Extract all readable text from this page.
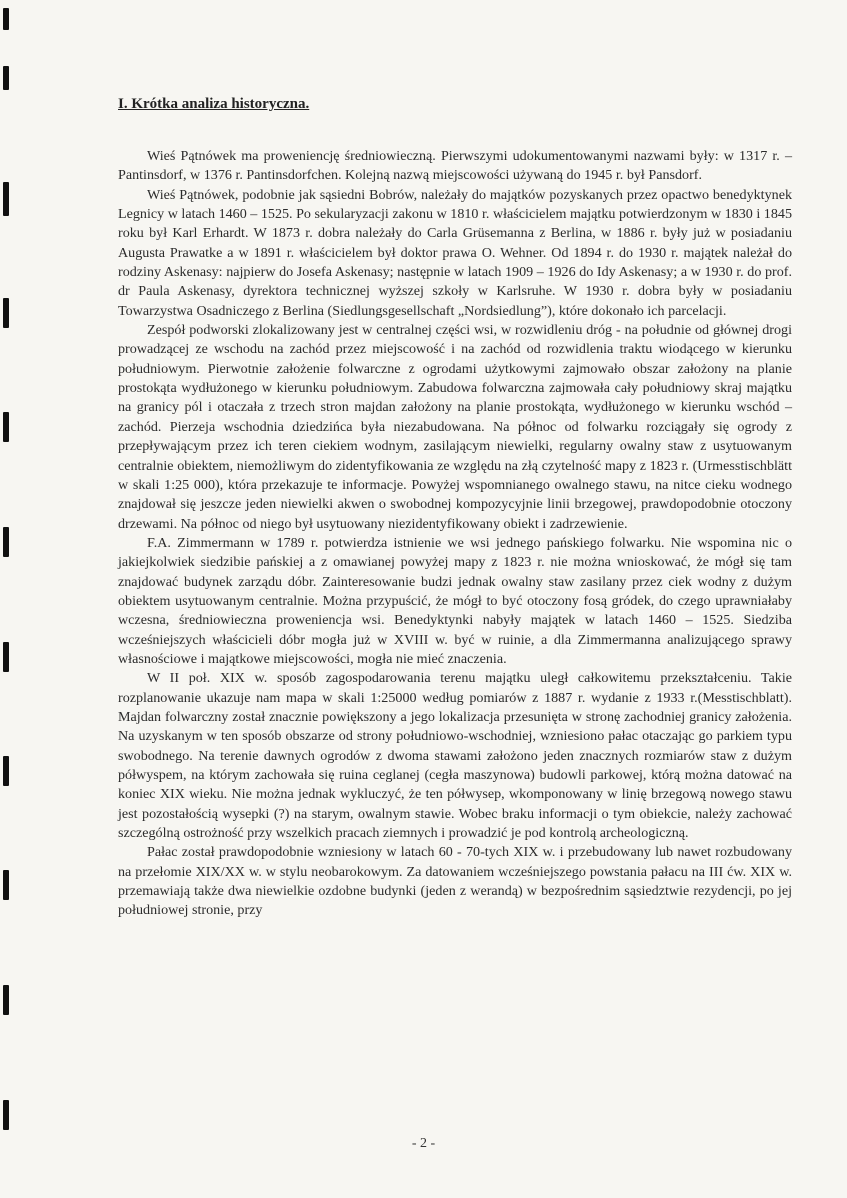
I. Krótka analiza historyczna.

Wieś Pątnówek ma proweniencję średniowieczną. Pierwszymi udokumentowanymi nazwami były: w 1317 r. – Pantinsdorf, w 1376 r. Pantinsdorfchen. Kolejną nazwą miejscowości używaną do 1945 r. był Pansdorf.

Wieś Pątnówek, podobnie jak sąsiedni Bobrów, należały do majątków pozyskanych przez opactwo benedyktynek Legnicy w latach 1460 – 1525. Po sekularyzacji zakonu w 1810 r. właścicielem majątku potwierdzonym w 1830 i 1845 roku był Karl Erhardt. W 1873 r. dobra należały do Carla Grüsemanna z Berlina, w 1886 r. były już w posiadaniu Augusta Prawatke a w 1891 r. właścicielem był doktor prawa O. Wehner. Od 1894 r. do 1930 r. majątek należał do rodziny Askenasy: najpierw do Josefa Askenasy; następnie w latach 1909 – 1926 do Idy Askenasy; a w 1930 r. do prof. dr Paula Askenasy, dyrektora technicznej wyższej szkoły w Karlsruhe. W 1930 r. dobra były w posiadaniu Towarzystwa Osadniczego z Berlina (Siedlungsgesellschaft „Nordsiedlung”), które dokonało ich parcelacji.

Zespół podworski zlokalizowany jest w centralnej części wsi, w rozwidleniu dróg - na południe od głównej drogi prowadzącej ze wschodu na zachód przez miejscowość i na zachód od rozwidlenia traktu wiodącego w kierunku południowym. Pierwotnie założenie folwarczne z ogrodami użytkowymi zajmowało obszar założony na planie prostokąta wydłużonego w kierunku południowym. Zabudowa folwarczna zajmowała cały południowy skraj majątku na granicy pól i otaczała z trzech stron majdan założony na planie prostokąta, wydłużonego w kierunku wschód – zachód. Pierzeja wschodnia dziedzińca była niezabudowana. Na północ od folwarku rozciągały się ogrody z przepływającym przez ich teren ciekiem wodnym, zasilającym niewielki, regularny owalny staw z usytuowanym centralnie obiektem, niemożliwym do zidentyfikowania ze względu na złą czytelność mapy z 1823 r. (Urmesstischblätt w skali 1:25 000), która przekazuje te informacje. Powyżej wspomnianego owalnego stawu, na nitce cieku wodnego znajdował się jeszcze jeden niewielki akwen o swobodnej kompozycyjnie linii brzegowej, prawdopodobnie otoczony drzewami. Na północ od niego był usytuowany niezidentyfikowany obiekt i zadrzewienie.

F.A. Zimmermann w 1789 r. potwierdza istnienie we wsi jednego pańskiego folwarku. Nie wspomina nic o jakiejkolwiek siedzibie pańskiej a z omawianej powyżej mapy z 1823 r. nie można wnioskować, że mógł się tam znajdować budynek zarządu dóbr. Zainteresowanie budzi jednak owalny staw zasilany przez ciek wodny z dużym obiektem usytuowanym centralnie. Można przypuścić, że mógł to być otoczony fosą gródek, do czego uprawniałaby wczesna, średniowieczna proweniencja wsi. Benedyktynki nabyły majątek w latach 1460 – 1525. Siedziba wcześniejszych właścicieli dóbr mogła już w XVIII w. być w ruinie, a dla Zimmermanna analizującego sprawy własnościowe i majątkowe miejscowości, mogła nie mieć znaczenia.

W II poł. XIX w. sposób zagospodarowania terenu majątku uległ całkowitemu przekształceniu. Takie rozplanowanie ukazuje nam mapa w skali 1:25000 według pomiarów z 1887 r. wydanie z 1933 r.(Messtischblatt). Majdan folwarczny został znacznie powiększony a jego lokalizacja przesunięta w stronę zachodniej granicy założenia. Na uzyskanym w ten sposób obszarze od strony południowo-wschodniej, wzniesiono pałac otaczając go parkiem typu swobodnego. Na terenie dawnych ogrodów z dwoma stawami założono jeden znacznych rozmiarów staw z dużym półwyspem, na którym zachowała się ruina ceglanej (cegła maszynowa) budowli parkowej, którą można datować na koniec XIX wieku. Nie można jednak wykluczyć, że ten półwysep, wkomponowany w linię brzegową nowego stawu jest pozostałością wysepki (?) na starym, owalnym stawie. Wobec braku informacji o tym obiekcie, należy zachować szczególną ostrożność przy wszelkich pracach ziemnych i prowadzić je pod kontrolą archeologiczną.

Pałac został prawdopodobnie wzniesiony w latach 60 - 70-tych XIX w. i przebudowany lub nawet rozbudowany na przełomie XIX/XX w. w stylu neobarokowym. Za datowaniem wcześniejszego powstania pałacu na III ćw. XIX w. przemawiają także dwa niewielkie ozdobne budynki (jeden z werandą) w bezpośrednim sąsiedztwie rezydencji, po jej południowej stronie, przy

- 2 -
